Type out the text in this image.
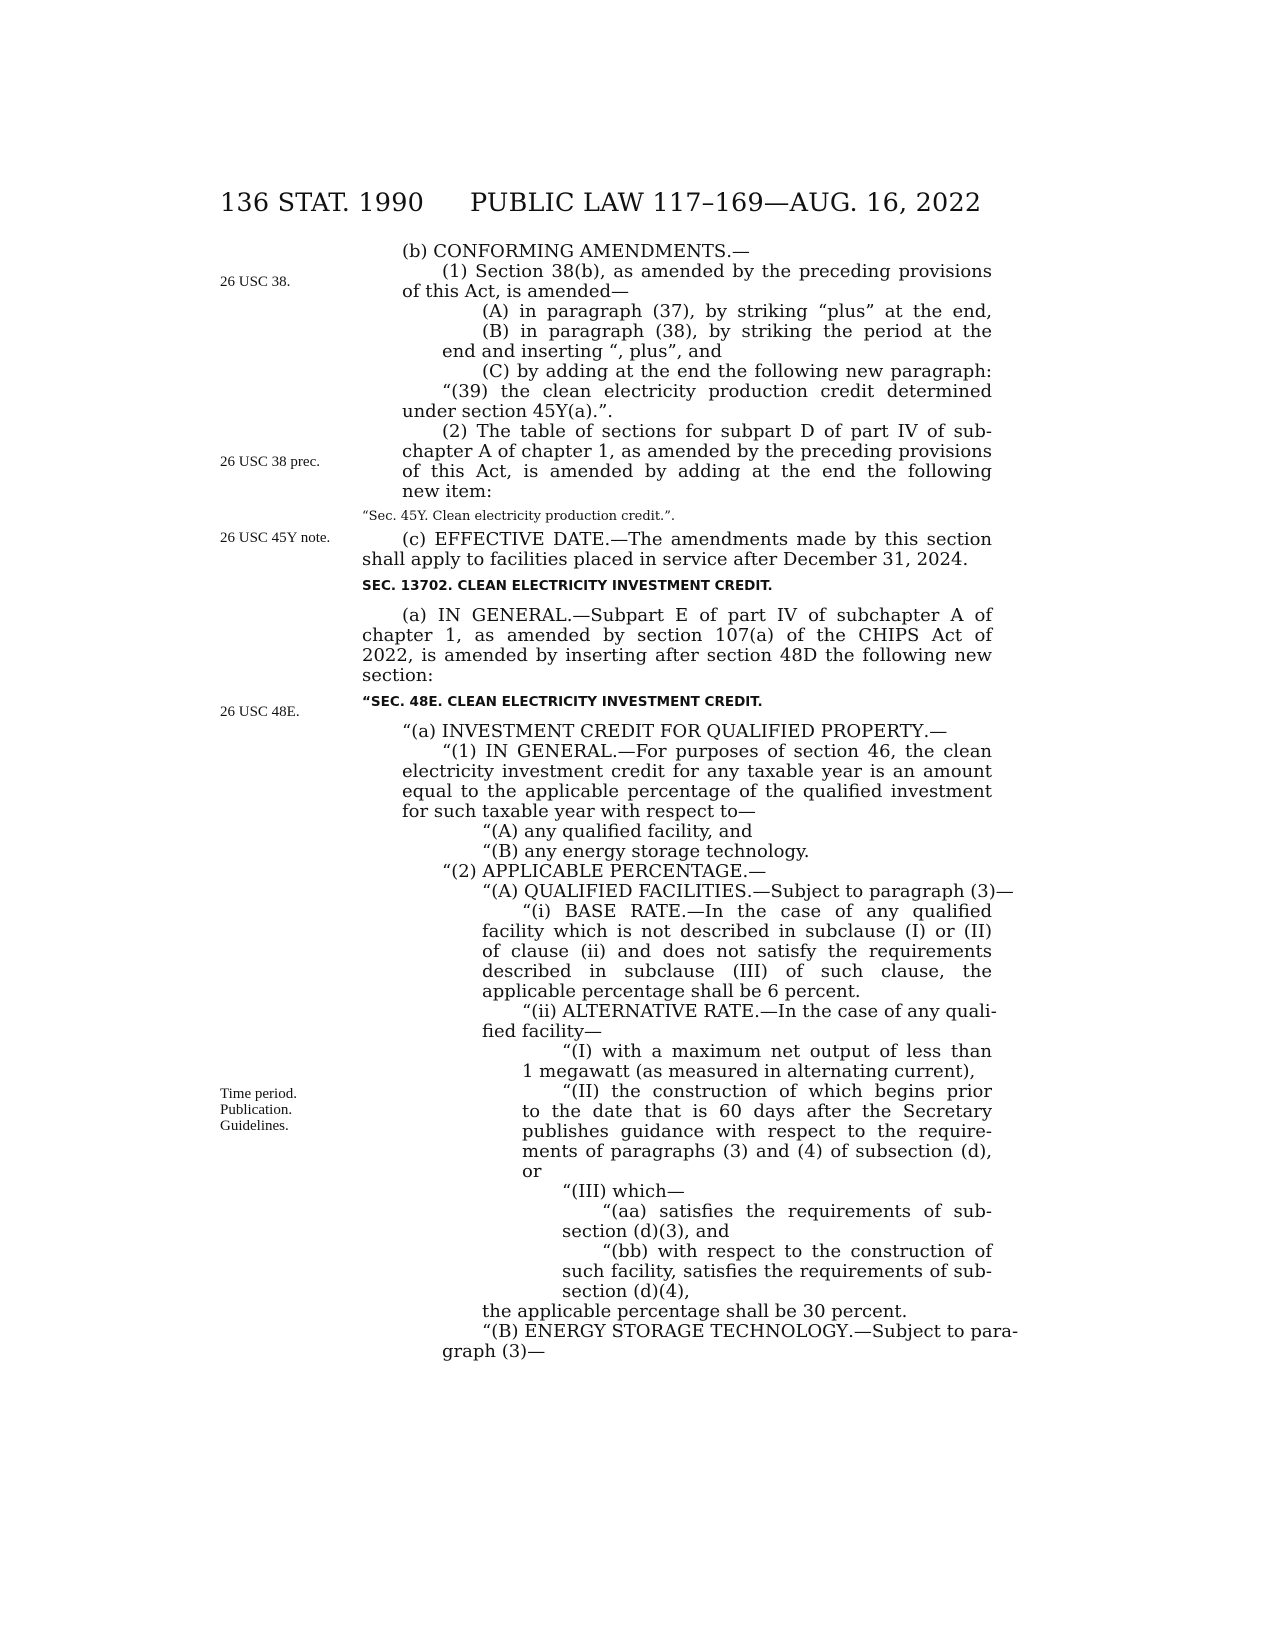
136 STAT. 1990 PUBLIC LAW 117–169—AUG. 16, 2022
26 USC 38.
26 USC 38 prec.
26 USC 45Y note.
26 USC 48E.
Time period.
Publication.
Guidelines.
(b) CONFORMING AMENDMENTS.—
(1) Section 38(b), as amended by the preceding provisions
of this Act, is amended—
(A) in paragraph (37), by striking “plus” at the end,
(B) in paragraph (38), by striking the period at the
end and inserting “, plus”, and
(C) by adding at the end the following new paragraph:
“(39) the clean electricity production credit determined
under section 45Y(a).”.
(2) The table of sections for subpart D of part IV of sub-
chapter A of chapter 1, as amended by the preceding provisions
of this Act, is amended by adding at the end the following
new item:
“Sec. 45Y. Clean electricity production credit.”.
(c) EFFECTIVE DATE.—The amendments made by this section
shall apply to facilities placed in service after December 31, 2024.
SEC. 13702. CLEAN ELECTRICITY INVESTMENT CREDIT.
(a) IN GENERAL.—Subpart E of part IV of subchapter A of
chapter 1, as amended by section 107(a) of the CHIPS Act of
2022, is amended by inserting after section 48D the following new
section:
“SEC. 48E. CLEAN ELECTRICITY INVESTMENT CREDIT.
“(a) INVESTMENT CREDIT FOR QUALIFIED PROPERTY.—
“(1) IN GENERAL.—For purposes of section 46, the clean
electricity investment credit for any taxable year is an amount
equal to the applicable percentage of the qualified investment
for such taxable year with respect to—
“(A) any qualified facility, and
“(B) any energy storage technology.
“(2) APPLICABLE PERCENTAGE.—
“(A) QUALIFIED FACILITIES.—Subject to paragraph (3)—
“(i) BASE RATE.—In the case of any qualified
facility which is not described in subclause (I) or (II)
of clause (ii) and does not satisfy the requirements
described in subclause (III) of such clause, the
applicable percentage shall be 6 percent.
“(ii) ALTERNATIVE RATE.—In the case of any quali-
fied facility—
“(I) with a maximum net output of less than
1 megawatt (as measured in alternating current),
“(II) the construction of which begins prior
to the date that is 60 days after the Secretary
publishes guidance with respect to the require-
ments of paragraphs (3) and (4) of subsection (d),
or
“(III) which—
“(aa) satisfies the requirements of sub-
section (d)(3), and
“(bb) with respect to the construction of
such facility, satisfies the requirements of sub-
section (d)(4),
the applicable percentage shall be 30 percent.
“(B) ENERGY STORAGE TECHNOLOGY.—Subject to para-
graph (3)—
